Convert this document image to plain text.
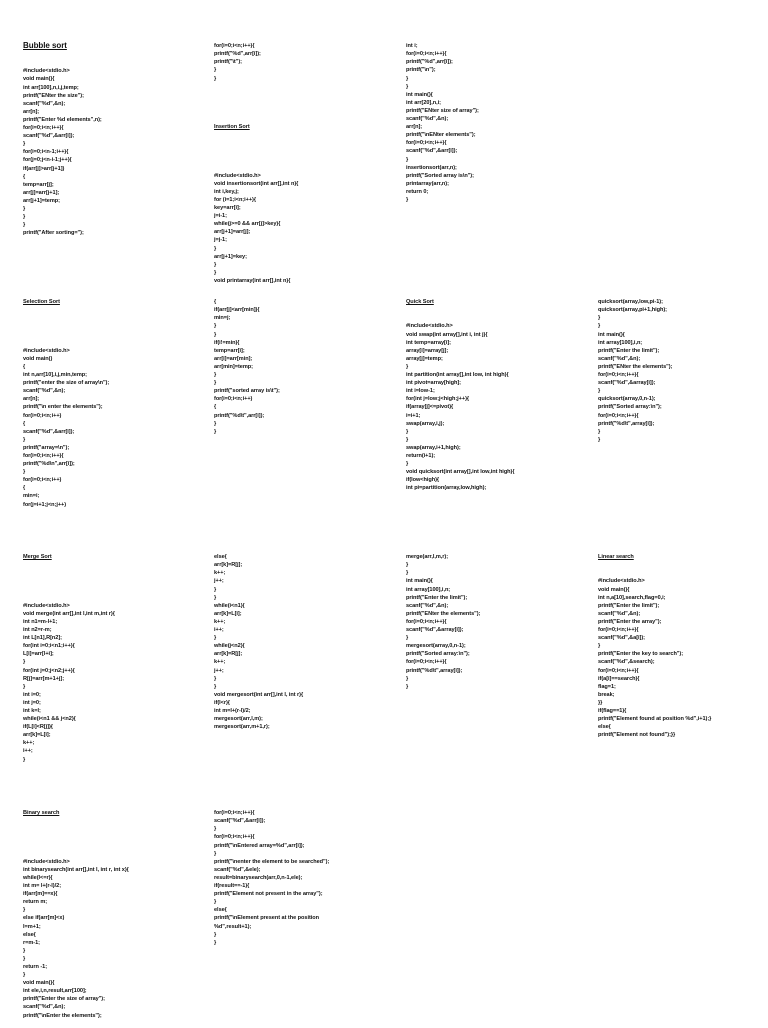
Bubble sort

#include<stdio.h>
void main(){
int arr[100],n,i,j,temp;
printf("ENter the size");
scanf("%d",&n);
arr[n];
printf("Enter %d elements",n);
for(i=0;i<n;i++){
scanf("%d",&arr[i]);
}
for(i=0;i<n-1;i++){
for(j=0;j<n-i-1;j++){
if(arr[j]>arr[j+1])
{
temp=arr[j];
arr[j]=arr[j+1];
arr[j+1]=temp;
}
}
}
printf("After sorting=");

for(i=0;i<n;i++){
printf("%d",arr[i]);
printf("\t");
}
}

Insertion Sort

#include<stdio.h>
void insertionsort(int arr[],int n){
int i,key,j;
for (i=1;i<n;i++){
key=arr[i];
j=i-1;
while(j>=0 && arr[j]>key){
arr[j+1]=arr[j];
j=j-1;
}
arr[j+1]=key;
}
}
void printarray(int arr[],int n){

int i;
for(i=0;i<n;i++){
printf("%d",arr[i]);
printf("\n");
}
}
int main(){
int arr[20],n,i;
printf("ENter size of array");
scanf("%d",&n);
arr[n];
printf("\nENter elements");
for(i=0;i<n;i++){
scanf("%d",&arr[i]);
}
insertionsort(arr,n);
printf("Sorted array is\n");
printarray(arr,n);
return 0;
}

Selection Sort

#include<stdio.h>
void main()
{
int n,arr[10],i,j,min,temp;
printf("enter the size of array\n");
scanf("%d",&n);
arr[n];
printf("\n enter the elements");
for(i=0;i<n;i++)
{
scanf("%d",&arr[i]);
}
printf("array=\n");
for(i=0;i<n;i++){
printf("%d\n",arr[i]);
}
for(i=0;i<n;i++)
{
min=i;
for(j=i+1;j<n;j++)

{
if(arr[j]<arr[min]){
min=j;
}
}
if(i!=min){
temp=arr[i];
arr[i]=arr[min];
arr[min]=temp;
}
}
printf("sorted array is\t");
for(i=0;i<n;i++)
{
printf("%d\t",arr[i]);
}
}

Quick Sort

#include<stdio.h>
void swap(int array[],int i, int j){
int temp=array[i];
array[i]=array[j];
array[j]=temp;
}
int partition(int array[],int low, int high){
int pivot=array[high];
int i=low-1;
for(int j=low;j<high;j++){
if(array[j]<=pivot){
i=i+1;
swap(array,i,j);
}
}
swap(array,i+1,high);
return(i+1);
}
void quicksort(int array[],int low,int high){
if(low<high){
int pi=partition(array,low,high);

quicksort(array,low,pi-1);
quicksort(array,pi+1,high);
}
}
int main(){
int array[100],i,n;
printf("Enter the limit");
scanf("%d",&n);
printf("ENter the elements");
for(i=0;i<n;i++){
scanf("%d",&array[i]);
}
quicksort(array,0,n-1);
printf("Sorted array:\n");
for(i=0;i<n;i++){
printf("%d\t",array[i]);
}
}

Merge Sort

#include<stdio.h>
void merge(int arr[],int l,int m,int r){
int n1=m-l+1;
int n2=r-m;
int L[n1],R[n2];
for(int i=0;i<n1;i++){
L[i]=arr[l+i];
}
for(int j=0;j<n2;j++){
R[j]=arr[m+1+j];
}
int i=0;
int j=0;
int k=l;
while(i<n1 && j<n2){
if(L[i]<R[j]){
arr[k]=L[i];
k++;
i++;
}

else{
arr[k]=R[j];
k++;
j++;
}
}
while(i<n1){
arr[k]=L[i];
k++;
i++;
}
while(j<n2){
arr[k]=R[j];
k++;
j++;
}
}
void mergesort(int arr[],int l, int r){
if(l<r){
int m=l+(r-l)/2;
mergesort(arr,l,m);
mergesort(arr,m+1,r);

merge(arr,l,m,r);
}
}
int main(){
int array[100],i,n;
printf("Enter the limit");
scanf("%d",&n);
printf("ENter the elements");
for(i=0;i<n;i++){
scanf("%d",&array[i]);
}
mergesort(array,0,n-1);
printf("Sorted array:\n");
for(i=0;i<n;i++){
printf("%d\t",array[i]);
}
}

Linear search

#include<stdio.h>
void main(){
int n,a[10],search,flag=0,i;
printf("Enter the limit");
scanf("%d",&n);
printf("Enter the array");
for(i=0;i<n;i++){
scanf("%d",&a[i]);
}
printf("Enter the key to search");
scanf("%d",&search);
for(i=0;i<n;i++){
if(a[i]==search){
flag=1;
break;
}}
if(flag==1){
printf("Element found at position %d",i+1);}
else{
printf("Element not found");}}

Binary search

#include<stdio.h>
int binarysearch(int arr[],int l, int r, int x){
while(l<=r){
int m= l+(r-l)/2;
if(arr[m]==x){
return m;
}
else if(arr[m]<x)
l=m+1;
else{
r=m-1;
}
}
return -1;
}
void main(){
int ele,i,n,result,arr[100];
printf("Enter the size of array");
scanf("%d",&n);
printf("\nEnter the elements");

for(i=0;i<n;i++){
scanf("%d",&arr[i]);
}
for(i=0;i<n;i++){
printf("\nEntered array=%d",arr[i]);
}
printf("\nenter the element to be searched");
scanf("%d",&ele);
result=binarysearch(arr,0,n-1,ele);
if(result==-1){
printf("Element not present in the array");
}
else{
printf("\nElement present at the position
%d",result+1);
}
}
